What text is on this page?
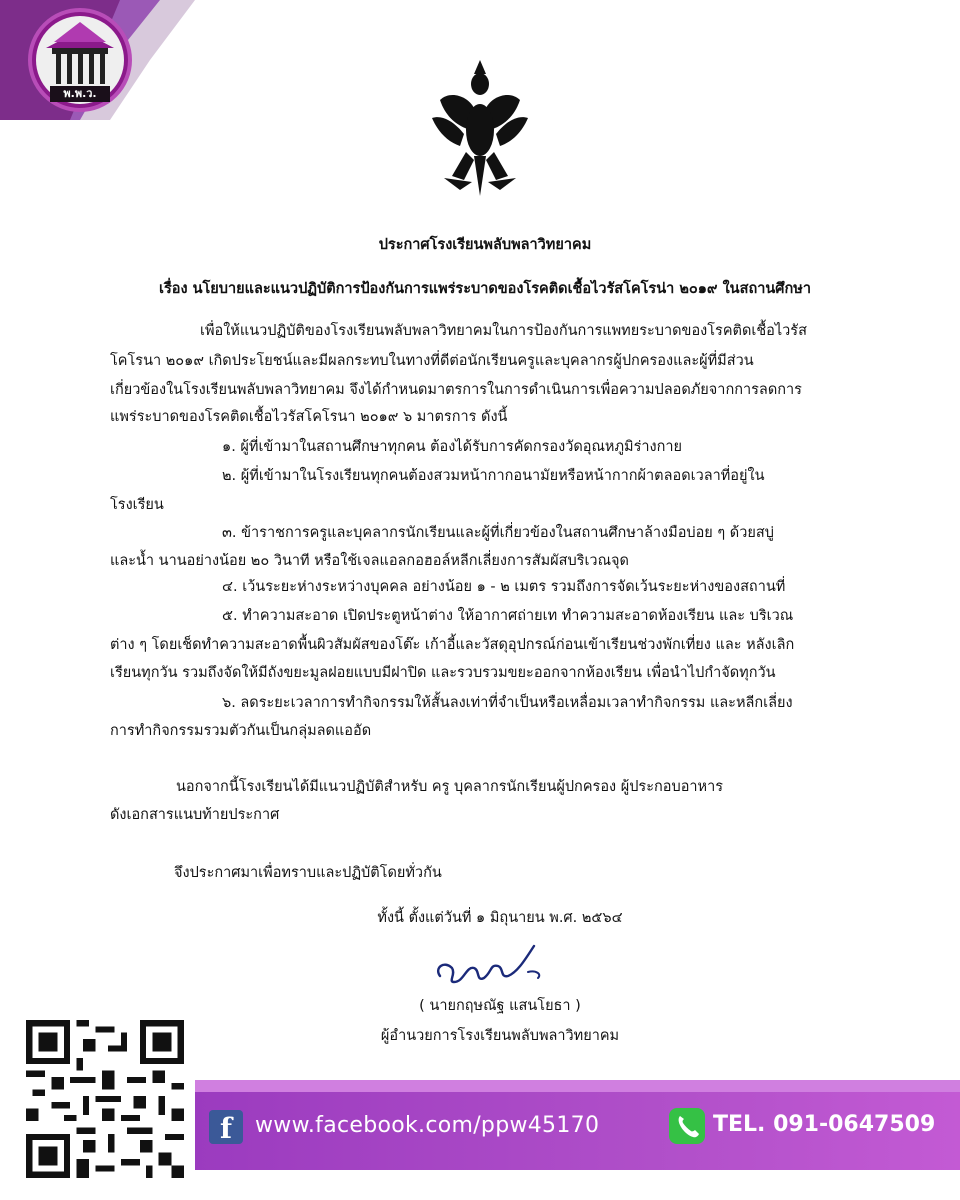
พ.พ.ว.
ประกาศโรงเรียนพลับพลาวิทยาคม
เรื่อง นโยบายและแนวปฏิบัติการป้องกันการแพร่ระบาดของโรคติดเชื้อไวรัสโคโรน่า ๒๐๑๙ ในสถานศึกษา
เพื่อให้แนวปฏิบัติของโรงเรียนพลับพลาวิทยาคมในการป้องกันการแพทยระบาดของโรคติดเชื้อไวรัส
โคโรนา ๒๐๑๙ เกิดประโยชน์และมีผลกระทบในทางที่ดีต่อนักเรียนครูและบุคลากรผู้ปกครองและผู้ที่มีส่วน
เกี่ยวข้องในโรงเรียนพลับพลาวิทยาคม จึงได้กำหนดมาตรการในการดำเนินการเพื่อความปลอดภัยจากการลดการ
แพร่ระบาดของโรคติดเชื้อไวรัสโคโรนา ๒๐๑๙ ๖ มาตรการ ดังนี้
๑. ผู้ที่เข้ามาในสถานศึกษาทุกคน ต้องได้รับการคัดกรองวัดอุณหภูมิร่างกาย
๒. ผู้ที่เข้ามาในโรงเรียนทุกคนต้องสวมหน้ากากอนามัยหรือหน้ากากผ้าตลอดเวลาที่อยู่ใน
โรงเรียน
๓. ข้าราชการครูและบุคลากรนักเรียนและผู้ที่เกี่ยวข้องในสถานศึกษาล้างมือบ่อย ๆ ด้วยสบู่
และน้ำ นานอย่างน้อย ๒๐ วินาที หรือใช้เจลแอลกอฮอล์หลีกเลี่ยงการสัมผัสบริเวณจุด
๔. เว้นระยะห่างระหว่างบุคคล อย่างน้อย ๑ - ๒ เมตร รวมถึงการจัดเว้นระยะห่างของสถานที่
๕. ทำความสะอาด เปิดประตูหน้าต่าง ให้อากาศถ่ายเท ทำความสะอาดห้องเรียน และ บริเวณ
ต่าง ๆ โดยเช็ดทำความสะอาดพื้นผิวสัมผัสของโต๊ะ เก้าอี้และวัสดุอุปกรณ์ก่อนเข้าเรียนช่วงพักเที่ยง และ หลังเลิก
เรียนทุกวัน รวมถึงจัดให้มีถังขยะมูลฝอยแบบมีฝาปิด และรวบรวมขยะออกจากห้องเรียน เพื่อนำไปกำจัดทุกวัน
๖. ลดระยะเวลาการทำกิจกรรมให้สั้นลงเท่าที่จำเป็นหรือเหลื่อมเวลาทำกิจกรรม และหลีกเลี่ยง
การทำกิจกรรมรวมตัวกันเป็นกลุ่มลดแออัด
นอกจากนี้โรงเรียนได้มีแนวปฏิบัติสำหรับ ครู บุคลากรนักเรียนผู้ปกครอง ผู้ประกอบอาหาร
ดังเอกสารแนบท้ายประกาศ
จึงประกาศมาเพื่อทราบและปฏิบัติโดยทั่วกัน
ทั้งนี้ ตั้งแต่วันที่ ๑ มิถุนายน พ.ศ. ๒๕๖๔
( นายกฤษณัฐ แสนโยธา )
ผู้อำนวยการโรงเรียนพลับพลาวิทยาคม
f	www.facebook.com/ppw45170	TEL. 091-0647509
